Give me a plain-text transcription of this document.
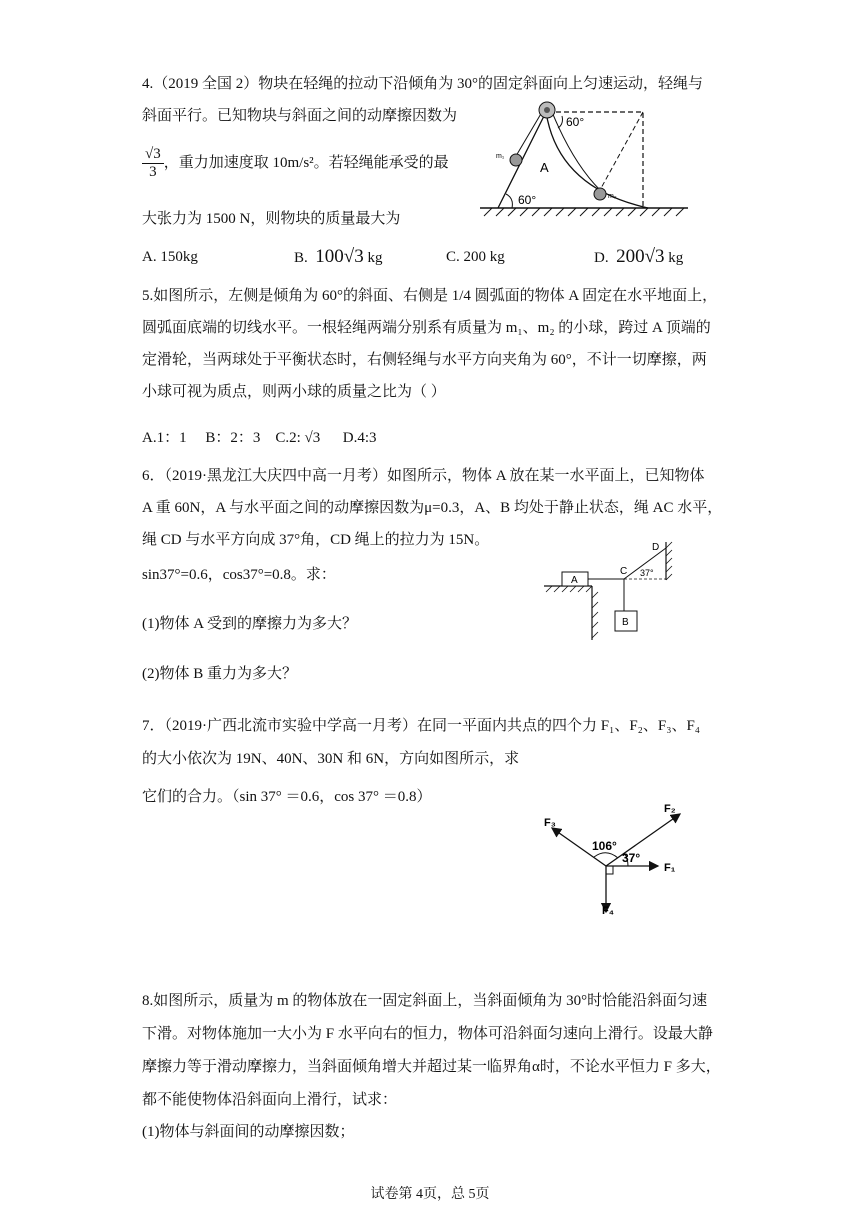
4.（2019 全国 2）物块在轻绳的拉动下沿倾角为 30°的固定斜面向上匀速运动，轻绳与
斜面平行。已知物块与斜面之间的动摩擦因数为
$\frac{√3}{3}$ ，重力加速度取 10m/s²。若轻绳能承受的最
大张力为 1500 N，则物块的质量最大为
60°
60°
A
m₁
m₂
A. 150kg	B. 100√3 kg	C. 200 kg	D. 200√3 kg
5.如图所示，左侧是倾角为 60°的斜面、右侧是 1/4 圆弧面的物体 A 固定在水平地面上，
圆弧面底端的切线水平。一根轻绳两端分别系有质量为 m₁、m₂ 的小球，跨过 A 顶端的
定滑轮，当两球处于平衡状态时，右侧轻绳与水平方向夹角为 60°，不计一切摩擦，两
小球可视为质点，则两小球的质量之比为（ ）
A.1：1     B：2：3    C.2: √3      D.4:3
6．（2019·黑龙江大庆四中高一月考）如图所示，物体 A 放在某一水平面上，已知物体
A 重 60N，A 与水平面之间的动摩擦因数为μ=0.3，A、B 均处于静止状态，绳 AC 水平，
绳 CD 与水平方向成 37°角，CD 绳上的拉力为 15N。
sin37°=0.6，cos37°=0.8。求：
(1)物体 A 受到的摩擦力为多大？
(2)物体 B 重力为多大？
A
B
C
D
37°
7．（2019·广西北流市实验中学高一月考）在同一平面内共点的四个力 F₁、F₂、F₃、F₄
的大小依次为 19N、40N、30N 和 6N，方向如图所示，求
它们的合力。（sin 37° ＝0.6，cos 37° ＝0.8）
106°
37°
F₁
F₂
F₃
F₄
8.如图所示，质量为 m 的物体放在一固定斜面上，当斜面倾角为 30°时恰能沿斜面匀速
下滑。对物体施加一大小为 F 水平向右的恒力，物体可沿斜面匀速向上滑行。设最大静
摩擦力等于滑动摩擦力，当斜面倾角增大并超过某一临界角α时，不论水平恒力 F 多大，
都不能使物体沿斜面向上滑行，试求：
(1)物体与斜面间的动摩擦因数；
试卷第 4页，总 5页
